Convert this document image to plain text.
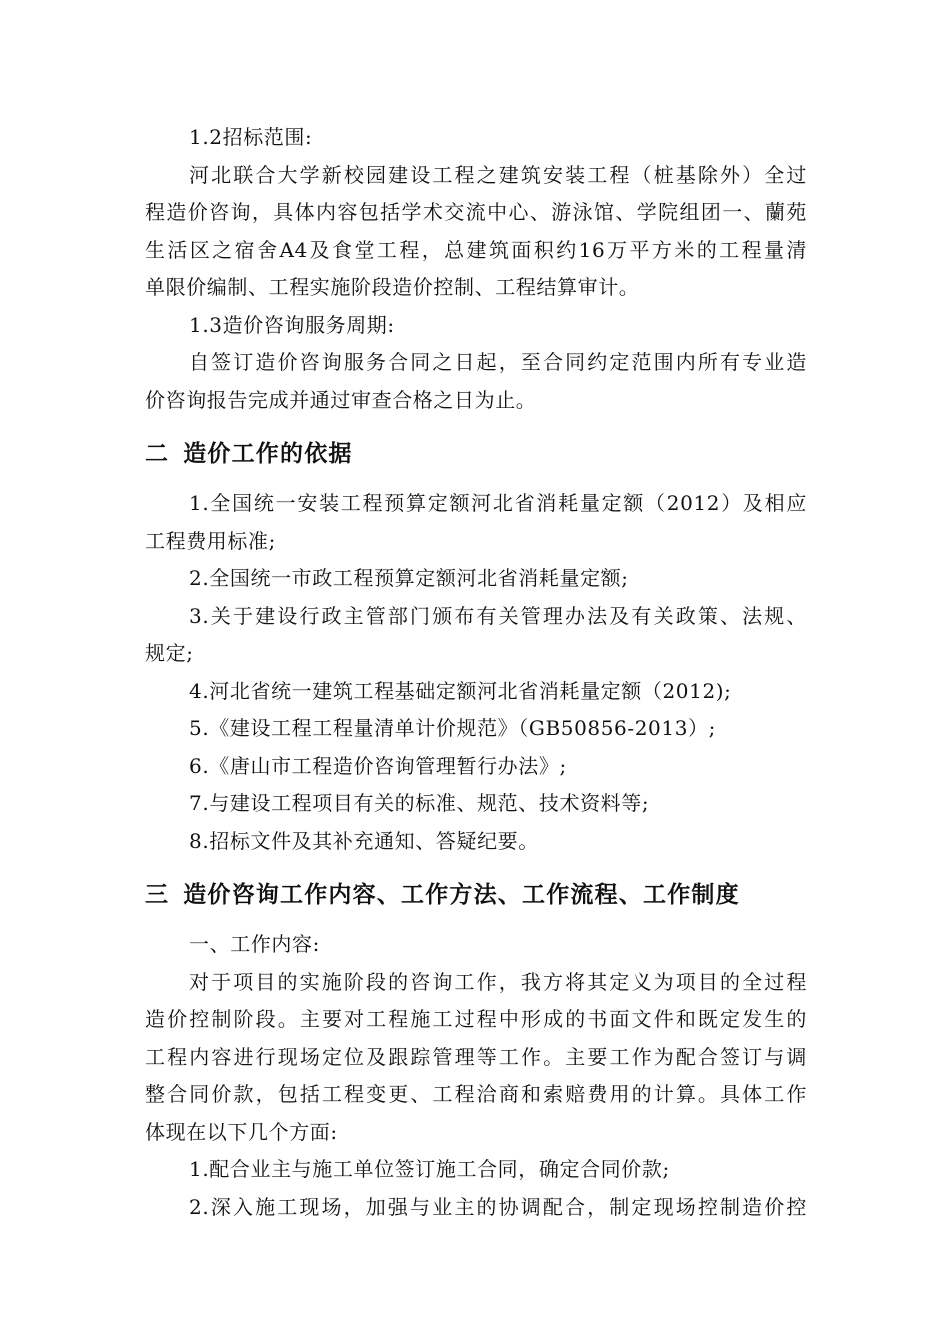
1.2招标范围:
河北联合大学新校园建设工程之建筑安装工程（桩基除外）全过
程造价咨询，具体内容包括学术交流中心、游泳馆、学院组团一、蘭苑
生活区之宿舍A4及食堂工程，总建筑面积约16万平方米的工程量清
单限价编制、工程实施阶段造价控制、工程结算审计。
1.3造价咨询服务周期:
自签订造价咨询服务合同之日起，至合同约定范围内所有专业造
价咨询报告完成并通过审查合格之日为止。
二 造价工作的依据
1.全国统一安装工程预算定额河北省消耗量定额（2012）及相应
工程费用标准;
2.全国统一市政工程预算定额河北省消耗量定额;
3.关于建设行政主管部门颁布有关管理办法及有关政策、法规、
规定;
4.河北省统一建筑工程基础定额河北省消耗量定额（2012);
5.《建设工程工程量清单计价规范》（GB50856-2013）;
6.《唐山市工程造价咨询管理暂行办法》;
7.与建设工程项目有关的标准、规范、技术资料等;
8.招标文件及其补充通知、答疑纪要。
三 造价咨询工作内容、工作方法、工作流程、工作制度
一、工作内容:
对于项目的实施阶段的咨询工作，我方将其定义为项目的全过程
造价控制阶段。主要对工程施工过程中形成的书面文件和既定发生的
工程内容进行现场定位及跟踪管理等工作。主要工作为配合签订与调
整合同价款，包括工程变更、工程洽商和索赔费用的计算。具体工作
体现在以下几个方面:
1.配合业主与施工单位签订施工合同，确定合同价款;
2.深入施工现场，加强与业主的协调配合，制定现场控制造价控
